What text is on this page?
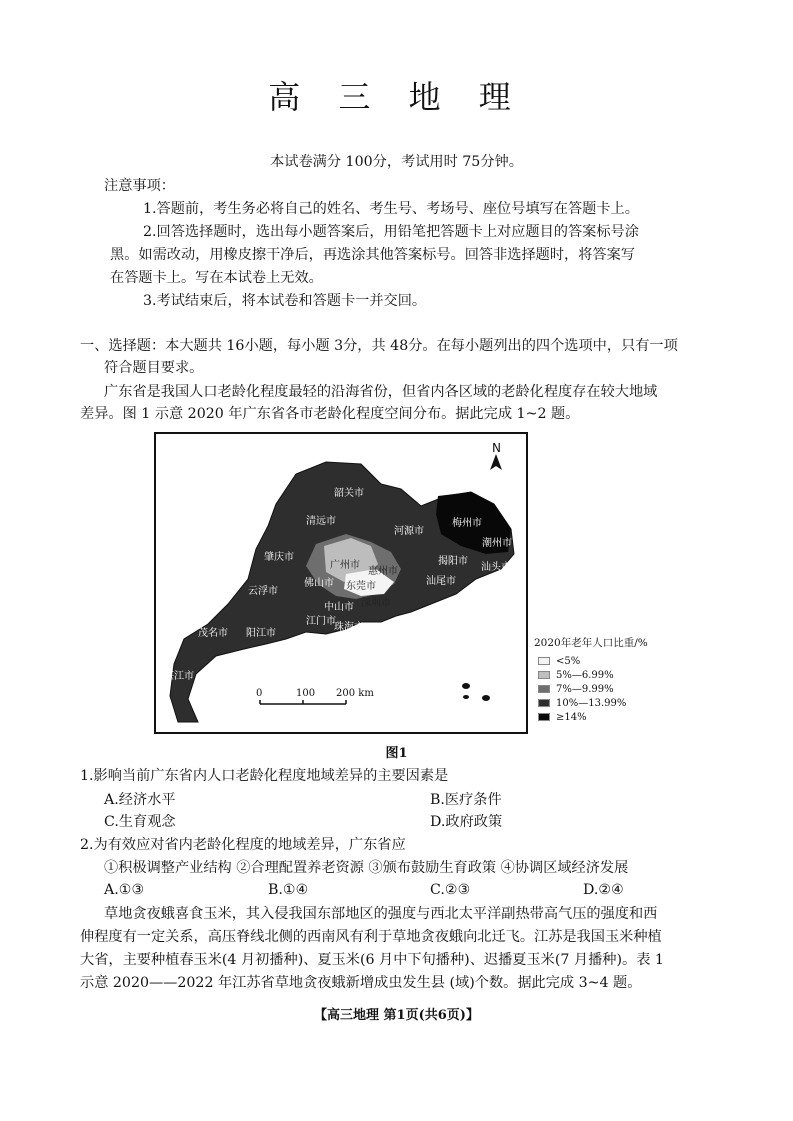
高 三 地 理
本试卷满分 100分，考试用时 75分钟。
注意事项：
1.答题前，考生务必将自己的姓名、考生号、考场号、座位号填写在答题卡上。
2.回答选择题时，选出每小题答案后，用铅笔把答题卡上对应题目的答案标号涂
黑。如需改动，用橡皮擦干净后，再选涂其他答案标号。回答非选择题时，将答案写
在答题卡上。写在本试卷上无效。
3.考试结束后，将本试卷和答题卡一并交回。
一、选择题：本大题共 16小题，每小题 3分，共 48分。在每小题列出的四个选项中，只有一项
符合题目要求。
广东省是我国人口老龄化程度最轻的沿海省份，但省内各区域的老龄化程度存在较大地域
差异。图 1 示意 2020 年广东省各市老龄化程度空间分布。据此完成 1~2 题。
N
0	100 200 km
韶关市
清远市
河源市
梅州市
潮州市
汕头市
揭阳市
汕尾市
惠州市
广州市
东莞市
深圳市
佛山市
肇庆市
云浮市
中山市
江门市
珠海市
茂名市 阳江市
湛江市
2020年老年人口比重/%
<5%
5%—6.99%
7%—9.99%
10%—13.99%
≥14%
图1
1.影响当前广东省内人口老龄化程度地域差异的主要因素是
A.经济水平	B.医疗条件
C.生育观念	D.政府政策
2.为有效应对省内老龄化程度的地域差异，广东省应
①积极调整产业结构 ②合理配置养老资源 ③颁布鼓励生育政策 ④协调区域经济发展
A.①③	B.①④	C.②③	D.②④
草地贪夜蛾喜食玉米，其入侵我国东部地区的强度与西北太平洋副热带高气压的强度和西
伸程度有一定关系，高压脊线北侧的西南风有利于草地贪夜蛾向北迁飞。江苏是我国玉米种植
大省，主要种植春玉米(4 月初播种)、夏玉米(6 月中下旬播种)、迟播夏玉米(7 月播种)。表 1
示意 2020——2022 年江苏省草地贪夜蛾新增成虫发生县 (域)个数。据此完成 3~4 题。
【高三地理 第1页(共6页)】
